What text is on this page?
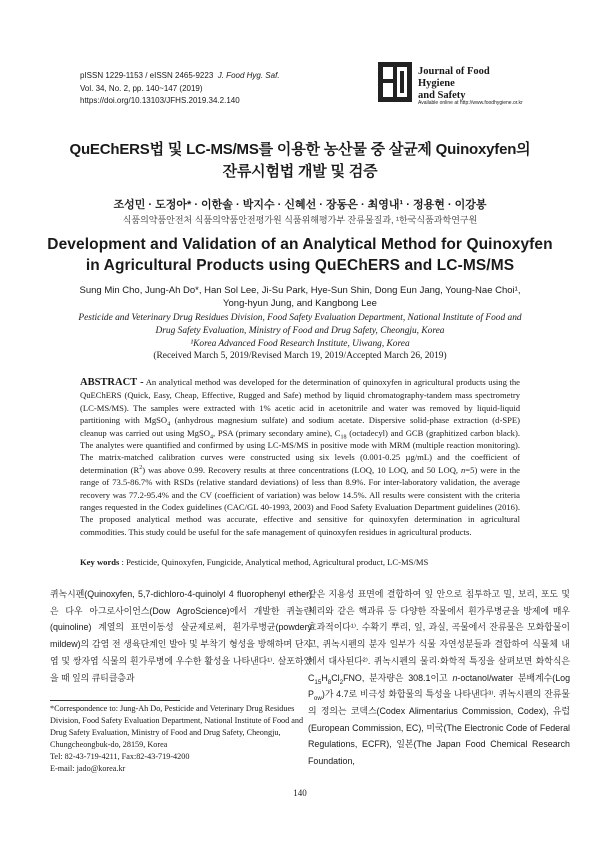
pISSN 1229-1153 / eISSN 2465-9223 J. Food Hyg. Saf.
Vol. 34, No. 2, pp. 140~147 (2019)
https://doi.org/10.13103/JFHS.2019.34.2.140
Journal of Food Hygiene
and Safety
Available online at http://www.foodhygiene.or.kr
QuEChERS법 및 LC-MS/MS를 이용한 농산물 중 살균제 Quinoxyfen의
잔류시험법 개발 및 검증
조성민 · 도정아* · 이한솔 · 박지수 · 신혜선 · 장동은 · 최영내¹ · 정용현 · 이강봉
식품의약품안전처 식품의약품안전평가원 식품위해평가부 잔류물질과, ¹한국식품과학연구원
Development and Validation of an Analytical Method for Quinoxyfen
in Agricultural Products using QuEChERS and LC-MS/MS
Sung Min Cho, Jung-Ah Do*, Han Sol Lee, Ji-Su Park, Hye-Sun Shin, Dong Eun Jang, Young-Nae Choi¹,
Yong-hyun Jung, and Kangbong Lee
Pesticide and Veterinary Drug Residues Division, Food Safety Evaluation Department, National Institute of Food and
Drug Safety Evaluation, Ministry of Food and Drug Safety, Cheongju, Korea
¹Korea Advanced Food Research Institute, Uiwang, Korea
(Received March 5, 2019/Revised March 19, 2019/Accepted March 26, 2019)
ABSTRACT - An analytical method was developed for the determination of quinoxyfen in agricultural products using the QuEChERS (Quick, Easy, Cheap, Effective, Rugged and Safe) method by liquid chromatography-tandem mass spectrometry (LC-MS/MS). The samples were extracted with 1% acetic acid in acetonitrile and water was removed by liquid-liquid partitioning with MgSO$_4$ (anhydrous magnesium sulfate) and sodium acetate. Dispersive solid-phase extraction (d-SPE) cleanup was carried out using MgSO$_4$, PSA (primary secondary amine), $C_{18}$ (octadecyl) and GCB (graphitized carbon black). The analytes were quantified and confirmed by using LC-MS/MS in positive mode with MRM (multiple reaction monitoring). The matrix-matched calibration curves were constructed using six levels (0.001-0.25 µg/mL) and the coefficient of determination $(R^2)$ was above 0.99. Recovery results at three concentrations (LOQ, 10 LOQ, and 50 LOQ, n=5) were in the range of 73.5-86.7% with RSDs (relative standard deviations) of less than 8.9%. For inter-laboratory validation, the average recovery was 77.2-95.4% and the CV (coefficient of variation) was below 14.5%. All results were consistent with the criteria ranges requested in the Codex guidelines (CAC/GL 40-1993, 2003) and Food Safety Evaluation Department guidelines (2016). The proposed analytical method was accurate, effective and sensitive for quinoxyfen determination in agricultural commodities. This study could be useful for the safe management of quinoxyfen residues in agricultural products.
Key words : Pesticide, Quinoxyfen, Fungicide, Analytical method, Agricultural product, LC-MS/MS
퀴녹시펜(Quinoxyfen, 5,7-dichloro-4-quinolyl 4 fluorophenyl ether)은 다우 아그로사이언스(Dow AgroScience)에서 개발한 퀴놀린(quinoline) 계열의 표면이동성 살균제로써, 흰가루병균(powdery mildew)의 감염 전 생육단계인 발아 및 부착기 형성을 방해하며 단자엽 및 쌍자엽 식물의 흰가루병에 우수한 활성을 나타낸다¹⁾. 살포하였을 때 잎의 큐티클층과
*Correspondence to: Jung-Ah Do, Pesticide and Veterinary Drug Residues Division, Food Safety Evaluation Department, National Institute of Food and Drug Safety Evaluation, Ministry of Food and Drug Safety, Cheongju, Chungcheongbuk-do, 28159, Korea
Tel: 82-43-719-4211, Fax:82-43-719-4200
E-mail: jado@korea.kr
같은 지용성 표면에 결합하여 잎 안으로 침투하고 밀, 보리, 포도 및 체리와 같은 핵과류 등 다양한 작물에서 흰가루병균을 방제에 매우 효과적이다¹⁾. 수확기 뿌리, 잎, 과실, 곡물에서 잔류물은 모화합물이고, 퀴녹시펜의 분자 일부가 식물 자연성분들과 결합하여 식물체 내에서 대사된다²⁾. 퀴녹시펜의 물리·화학적 특징을 살펴보면 화학식은 $C_{15}H_8Cl_2FNO$, 분자량은 308.1이고 n-octanol/water 분배계수(Log $P_{ow}$)가 4.7로 비극성 화합물의 특성을 나타낸다³⁾. 퀴녹시펜의 잔류물의 정의는 코덱스(Codex Alimentarius Commission, Codex), 유럽(European Commission, EC), 미국(The Electronic Code of Federal Regulations, ECFR), 일본(The Japan Food Chemical Research Foundation,
140
